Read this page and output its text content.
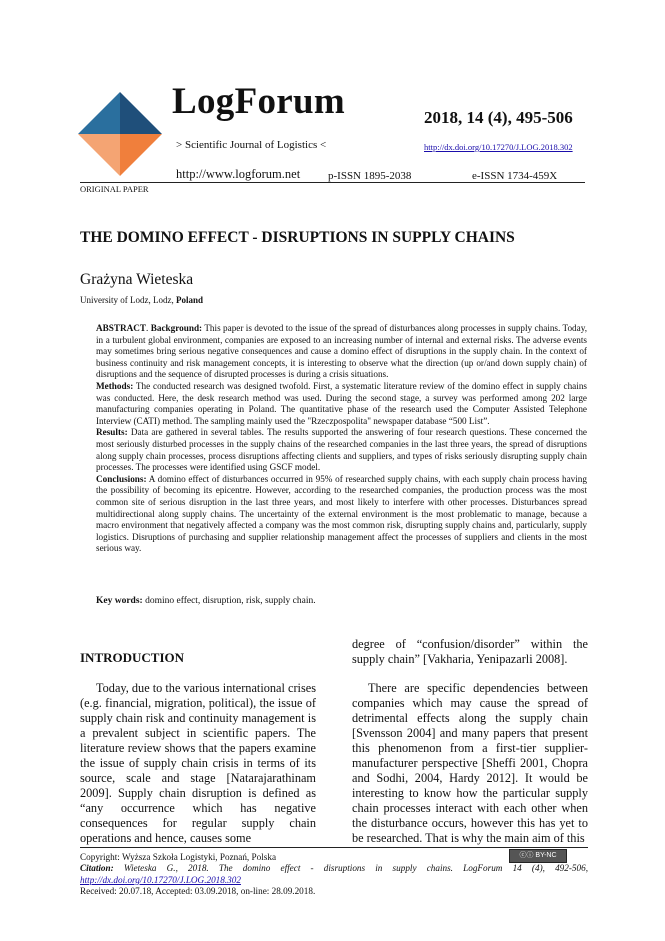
LogForum
> Scientific Journal of Logistics <
2018, 14 (4), 495-506
http://dx.doi.org/10.17270/J.LOG.2018.302
http://www.logforum.net	p-ISSN 1895-2038	e-ISSN 1734-459X
ORIGINAL PAPER
THE DOMINO EFFECT - DISRUPTIONS IN SUPPLY CHAINS
Grażyna Wieteska
University of Lodz, Lodz, Poland

ABSTRACT. Background: This paper is devoted to the issue of the spread of disturbances along processes in supply chains. Today, in a turbulent global environment, companies are exposed to an increasing number of internal and external risks. The adverse events may sometimes bring serious negative consequences and cause a domino effect of disruptions in the supply chain. In the context of business continuity and risk management concepts, it is interesting to observe what the direction (up or/and down supply chain) of disruptions and the sequence of disrupted processes is during a crisis situations.

Methods: The conducted research was designed twofold. First, a systematic literature review of the domino effect in supply chains was conducted. Here, the desk research method was used. During the second stage, a survey was performed among 202 large manufacturing companies operating in Poland. The quantitative phase of the research used the Computer Assisted Telephone Interview (CATI) method. The sampling mainly used the "Rzeczpospolita" newspaper database “500 List”.

Results: Data are gathered in several tables. The results supported the answering of four research questions. These concerned the most seriously disturbed processes in the supply chains of the researched companies in the last three years, the spread of disruptions along supply chain processes, process disruptions affecting clients and suppliers, and types of risks seriously disrupting supply chain processes. The processes were identified using GSCF model.

Conclusions: A domino effect of disturbances occurred in 95% of researched supply chains, with each supply chain process having the possibility of becoming its epicentre. However, according to the researched companies, the production process was the most common site of serious disruption in the last three years, and most likely to interfere with other processes. Disturbances spread multidirectional along supply chains. The uncertainty of the external environment is the most problematic to manage, because a macro environment that negatively affected a company was the most common risk, disrupting supply chains and, particularly, supply logistics. Disruptions of purchasing and supplier relationship management affect the processes of suppliers and clients in the most serious way.

Key words: domino effect, disruption, risk, supply chain.
INTRODUCTION
Today, due to the various international crises (e.g. financial, migration, political), the issue of supply chain risk and continuity management is a prevalent subject in scientific papers. The literature review shows that the papers examine the issue of supply chain crisis in terms of its source, scale and stage [Natarajarathinam 2009]. Supply chain disruption is defined as “any occurrence which has negative consequences for regular supply chain operations and hence, causes some
degree of “confusion/disorder” within the supply chain” [Vakharia, Yenipazarli 2008].
There are specific dependencies between companies which may cause the spread of detrimental effects along the supply chain [Svensson 2004] and many papers that present this phenomenon from a first-tier supplier-manufacturer perspective [Sheffi 2001, Chopra and Sodhi, 2004, Hardy 2012]. It would be interesting to know how the particular supply chain processes interact with each other when the disturbance occurs, however this has yet to be researched. That is why the main aim of this
ⓒⓘ BY-NC
Copyright: Wyższa Szkoła Logistyki, Poznań, Polska
Citation: Wieteska G., 2018. The domino effect - disruptions in supply chains. LogForum 14 (4), 492-506, http://dx.doi.org/10.17270/J.LOG.2018.302
Received: 20.07.18, Accepted: 03.09.2018, on-line: 28.09.2018.
